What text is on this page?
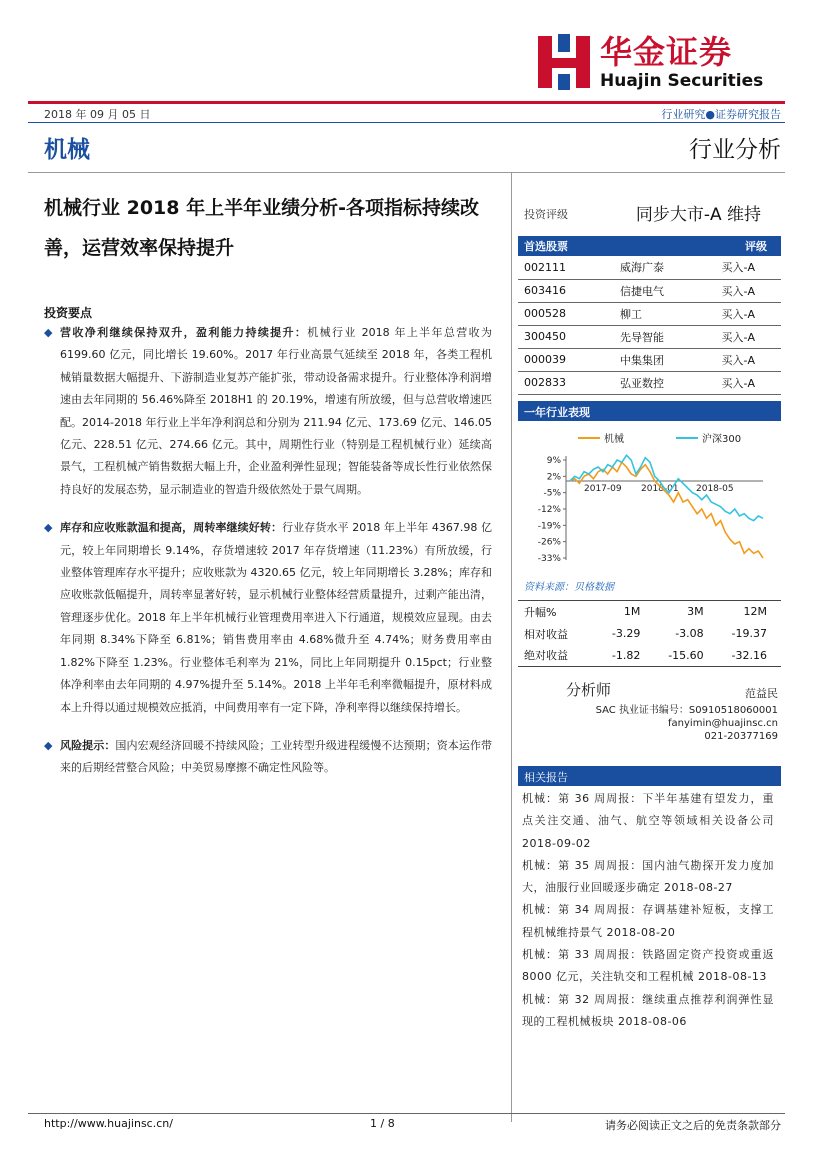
华金证券
Huajin Securities
2018 年 09 月 05 日	行业研究●证券研究报告
机械	行业分析
机械行业 2018 年上半年业绩分析-各项指标持续改善，运营效率保持提升
投资要点
◆ 营收净利继续保持双升，盈利能力持续提升：机械行业 2018 年上半年总营收为 6199.60 亿元，同比增长 19.60%。2017 年行业高景气延续至 2018 年，各类工程机械销量数据大幅提升、下游制造业复苏产能扩张，带动设备需求提升。行业整体净利润增速由去年同期的 56.46%降至 2018H1 的 20.19%，增速有所放缓，但与总营收增速匹配。2014-2018 年行业上半年净利润总和分别为 211.94 亿元、173.69 亿元、146.05 亿元、228.51 亿元、274.66 亿元。其中，周期性行业（特别是工程机械行业）延续高景气，工程机械产销售数据大幅上升，企业盈利弹性显现；智能装备等成长性行业依然保持良好的发展态势，显示制造业的智造升级依然处于景气周期。
◆ 库存和应收账款温和提高，周转率继续好转：行业存货水平 2018 年上半年 4367.98 亿元，较上年同期增长 9.14%，存货增速较 2017 年存货增速（11.23%）有所放缓，行业整体管理库存水平提升；应收账款为 4320.65 亿元，较上年同期增长 3.28%；库存和应收账款低幅提升，周转率显著好转，显示机械行业整体经营质量提升，过剩产能出清，管理逐步优化。2018 年上半年机械行业管理费用率进入下行通道，规模效应显现。由去年同期 8.34%下降至 6.81%；销售费用率由 4.68%微升至 4.74%；财务费用率由 1.82%下降至 1.23%。行业整体毛利率为 21%，同比上年同期提升 0.15pct；行业整体净利率由去年同期的 4.97%提升至 5.14%。2018 上半年毛利率微幅提升，原材料成本上升得以通过规模效应抵消，中间费用率有一定下降，净利率得以继续保持增长。
◆ 风险提示：国内宏观经济回暖不持续风险；工业转型升级进程缓慢不达预期；资本运作带来的后期经营整合风险；中美贸易摩擦不确定性风险等。
投资评级	同步大市-A 维持
首选股票		评级
002111	威海广泰	买入-A
603416	信捷电气	买入-A
000528	柳工	买入-A
300450	先导智能	买入-A
000039	中集集团	买入-A
002833	弘亚数控	买入-A
一年行业表现
9%
2%
-5%
-12%
-19%
-26%
-33%
2017-09 2018-01 2018-05
机械	沪深300
资料来源：贝格数据
升幅%	1M	3M	12M
相对收益	-3.29	-3.08	-19.37
绝对收益	-1.82	-15.60	-32.16
分析师	范益民
SAC 执业证书编号：S0910518060001
fanyimin@huajinsc.cn
021-20377169
相关报告
机械：第 36 周周报：下半年基建有望发力，重点关注交通、油气、航空等领域相关设备公司 2018-09-02
机械：第 35 周周报：国内油气勘探开发力度加大，油服行业回暖逐步确定 2018-08-27
机械：第 34 周周报：存调基建补短板，支撑工程机械维持景气 2018-08-20
机械：第 33 周周报：铁路固定资产投资或重返 8000 亿元，关注轨交和工程机械 2018-08-13
机械：第 32 周周报：继续重点推荐利润弹性显现的工程机械板块 2018-08-06
http://www.huajinsc.cn/	1 / 8	请务必阅读正文之后的免责条款部分
